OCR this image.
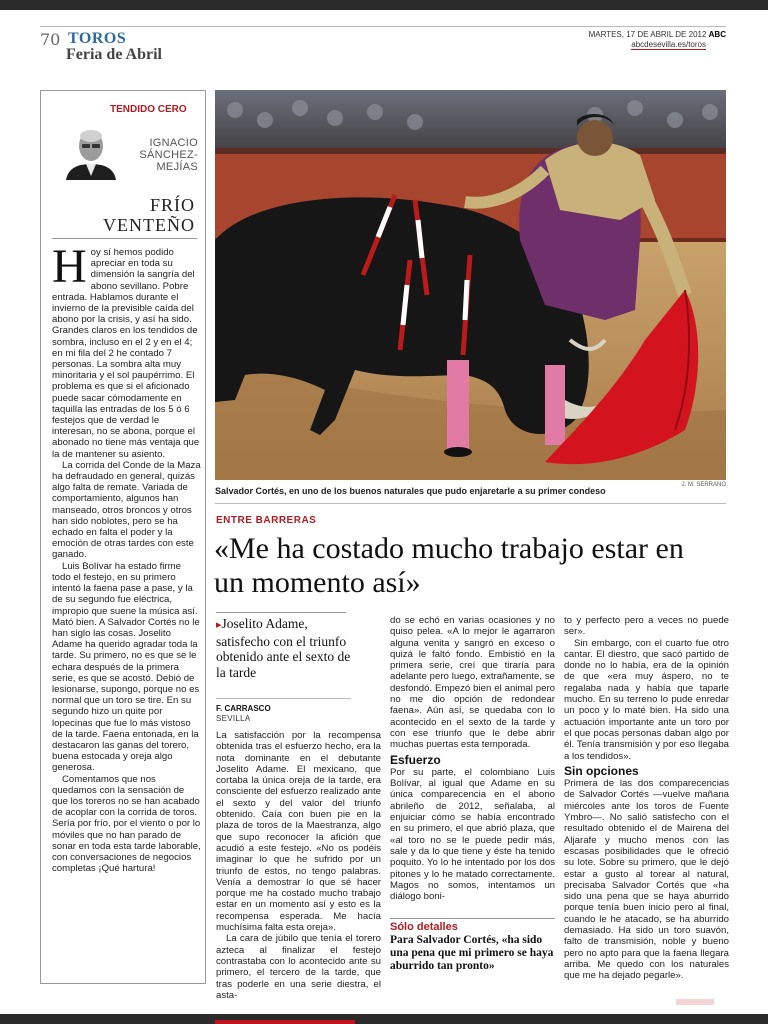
70 TOROS
Feria de Abril
MARTES, 17 DE ABRIL DE 2012 ABC
abcdesevilla.es/toros
TENDIDO CERO
IGNACIO SÁNCHEZ-MEJÍAS
FRÍO VENTEÑO

Hoy sí hemos podido apreciar en toda su dimensión la sangría del abono sevillano. Pobre entrada. Hablamos durante el invierno de la previsible caída del abono por la crisis, y así ha sido. Grandes claros en los tendidos de sombra, incluso en el 2 y en el 4; en mi fila del 2 he contado 7 personas. La sombra alta muy minoritaria y el sol paupérrimo. El problema es que si el aficionado puede sacar cómodamente en taquilla las entradas de los 5 ó 6 festejos que de verdad le interesan, no se abona, porque el abonado no tiene más ventaja que la de mantener su asiento.

La corrida del Conde de la Maza ha defraudado en general, quizás algo falta de remate. Variada de comportamiento, algunos han manseado, otros broncos y otros han sido noblotes, pero se ha echado en falta el poder y la emoción de otras tardes con este ganado.

Luis Bolívar ha estado firme todo el festejo, en su primero intentó la faena pase a pase, y la de su segundo fue eléctrica, impropio que suene la música así. Mató bien. A Salvador Cortés no le han siglo las cosas. Joselito Adame ha querido agradar toda la tarde. Su primero, no es que se le echara después de la primera serie, es que se acostó. Debió de lesionarse, supongo, porque no es normal que un toro se tire. En su segundo hizo un quite por lopecinas que fue lo más vistoso de la tarde. Faena entonada, en la destacaron las ganas del torero, buena estocada y oreja algo generosa.

Comentamos que nos quedamos con la sensación de que los toreros no se han acabado de acoplar con la corrida de toros. Sería por frío, por el viento o por lo móviles que no han parado de sonar en toda esta tarde laborable, con conversaciones de negocios completas ¡Qué hartura!

Salvador Cortés, en uno de los buenos naturales que pudo enjaretarle a su primer condeso
J. M. SERRANO
ENTRE BARRERAS
«Me ha costado mucho trabajo estar en un momento así»
▸Joselito Adame, satisfecho con el triunfo obtenido ante el sexto de la tarde
F. CARRASCO
SEVILLA

La satisfacción por la recompensa obtenida tras el esfuerzo hecho, era la nota dominante en el debutante Joselito Adame. El mexicano, que cortaba la única oreja de la tarde, era consciente del esfuerzo realizado ante el sexto y del valor del triunfo obtenido. Caía con buen pie en la plaza de toros de la Maestranza, algo que supo reconocer la afición que acudió a este festejo. «No os podéis imaginar lo que he sufrido por un triunfo de estos, no tengo palabras. Venía a demostrar lo que sé hacer porque me ha costado mucho trabajo estar en un momento así y esto es la recompensa esperada. Me hacía muchísima falta esta oreja».

La cara de júbilo que tenía el torero azteca al finalizar el festejo contrastaba con lo acontecido ante su primero, el tercero de la tarde, que tras poderle en una serie diestra, el asta-

do se echó en varias ocasiones y no quiso pelea. «A lo mejor le agarraron alguna venita y sangró en exceso o quizá le faltó fondo. Embistió en la primera serie, creí que tiraría para adelante pero luego, extrañamente, se desfondó. Empezó bien el animal pero no me dio opción de redondear faena». Aún así, se quedaba con lo acontecido en el sexto de la tarde y con ese triunfo que le debe abrir muchas puertas esta temporada.

Esfuerzo

Por su parte, el colombiano Luis Bolívar, al igual que Adame en su única comparecencia en el abono abrileño de 2012, señalaba, al enjuiciar cómo se había encontrado en su primero, el que abrió plaza, que «al toro no se le puede pedir más, sale y da lo que tiene y éste ha tenido poquito. Yo lo he intentado por los dos pitones y lo he matado correctamente. Magos no somos, intentamos un diálogo boni-

Sólo detalles
Para Salvador Cortés, «ha sido una pena que mi primero se haya aburrido tan pronto»

to y perfecto pero a veces no puede ser».

Sin embargo, con el cuarto fue otro cantar. El diestro, que sacó partido de donde no lo había, era de la opinión de que «era muy áspero, no te regalaba nada y había que taparle mucho. En su terreno lo pude enredar un poco y lo maté bien. Ha sido una actuación importante ante un toro por el que pocas personas daban algo por él. Tenía transmisión y por eso llegaba a los tendidos».

Sin opciones

Primera de las dos comparecencias de Salvador Cortés —vuelve mañana miércoles ante los toros de Fuente Ymbro—. No salió satisfecho con el resultado obtenido el de Mairena del Aljarafe y mucho menos con las escasas posibilidades que le ofreció su lote. Sobre su primero, que le dejó estar a gusto al torear al natural, precisaba Salvador Cortés que «ha sido una pena que se haya aburrido porque tenía buen inicio pero al final, cuando le he atacado, se ha aburrido demasiado. Ha sido un toro suavón, falto de transmisión, noble y bueno pero no apto para que la faena llegara arriba. Me quedo con los naturales que me ha dejado pegarle».
